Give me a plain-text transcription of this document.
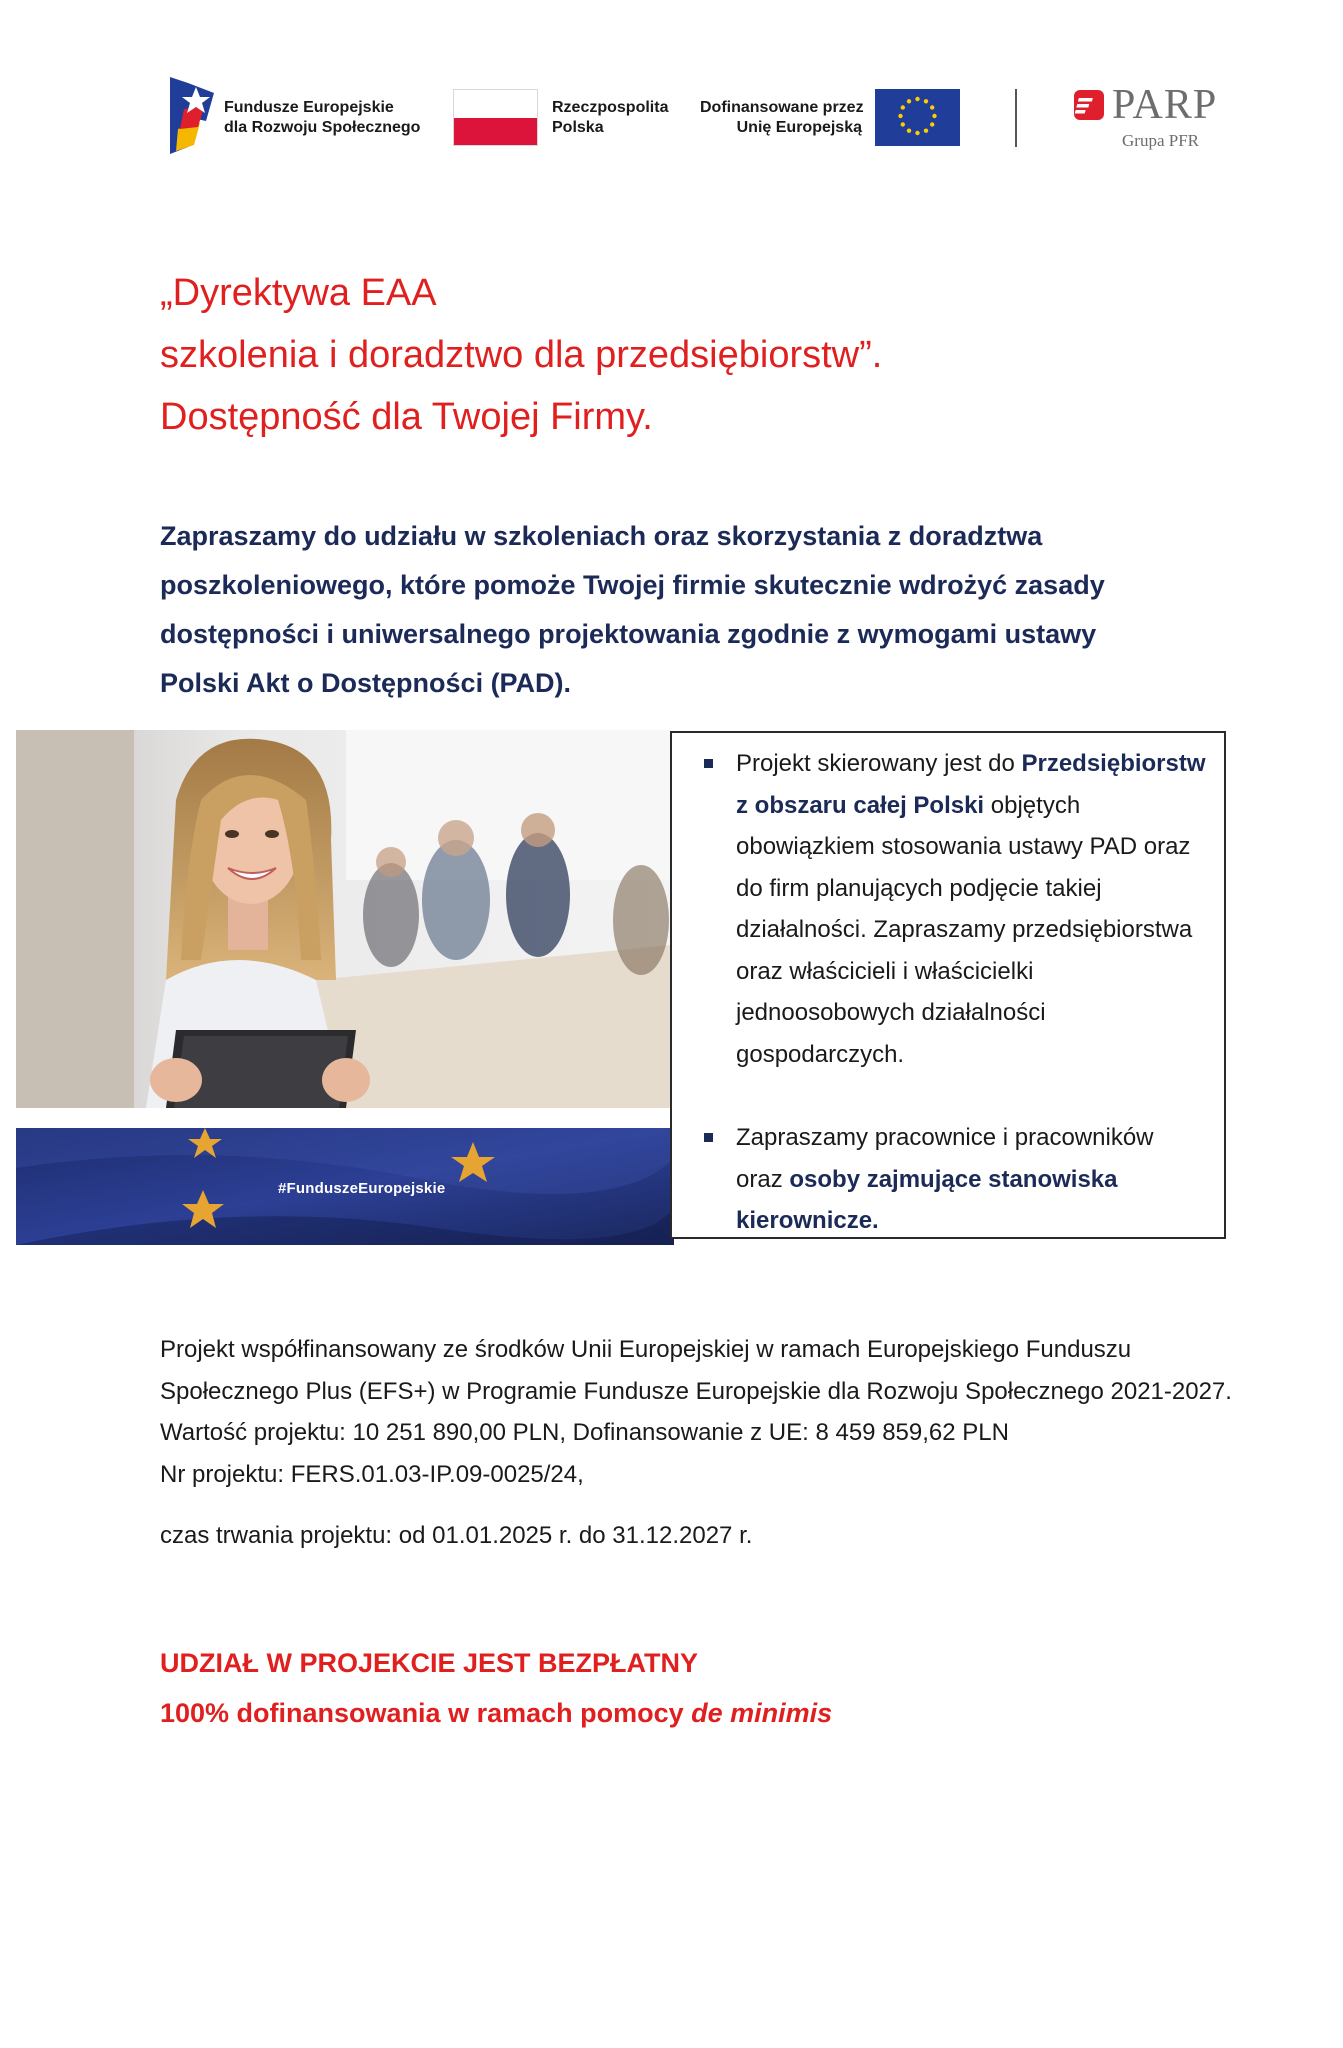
Fundusze Europejskie
dla Rozwoju Społecznego
Rzeczpospolita
Polska
Dofinansowane przez
Unię Europejską	PARP
Grupa PFR
„Dyrektywa EAA
szkolenia i doradztwo dla przedsiębiorstw”.
Dostępność dla Twojej Firmy.
Zapraszamy do udziału w szkoleniach oraz skorzystania z doradztwa
poszkoleniowego, które pomoże Twojej firmie skutecznie wdrożyć zasady
dostępności i uniwersalnego projektowania zgodnie z wymogami ustawy
Polski Akt o Dostępności (PAD).
#FunduszeEuropejskie
Projekt skierowany jest do Przedsiębiorstw
z obszaru całej Polski objętych
obowiązkiem stosowania ustawy PAD oraz
do firm planujących podjęcie takiej
działalności. Zapraszamy przedsiębiorstwa
oraz właścicieli i właścicielki
jednoosobowych działalności
gospodarczych.
Zapraszamy pracownice i pracowników
oraz osoby zajmujące stanowiska
kierownicze.
Projekt współfinansowany ze środków Unii Europejskiej w ramach Europejskiego Funduszu
Społecznego Plus (EFS+) w Programie Fundusze Europejskie dla Rozwoju Społecznego 2021-2027.
Wartość projektu: 10 251 890,00 PLN, Dofinansowanie z UE: 8 459 859,62 PLN
Nr projektu: FERS.01.03-IP.09-0025/24,
czas trwania projektu: od 01.01.2025 r. do 31.12.2027 r.
UDZIAŁ W PROJEKCIE JEST BEZPŁATNY
100% dofinansowania w ramach pomocy de minimis
